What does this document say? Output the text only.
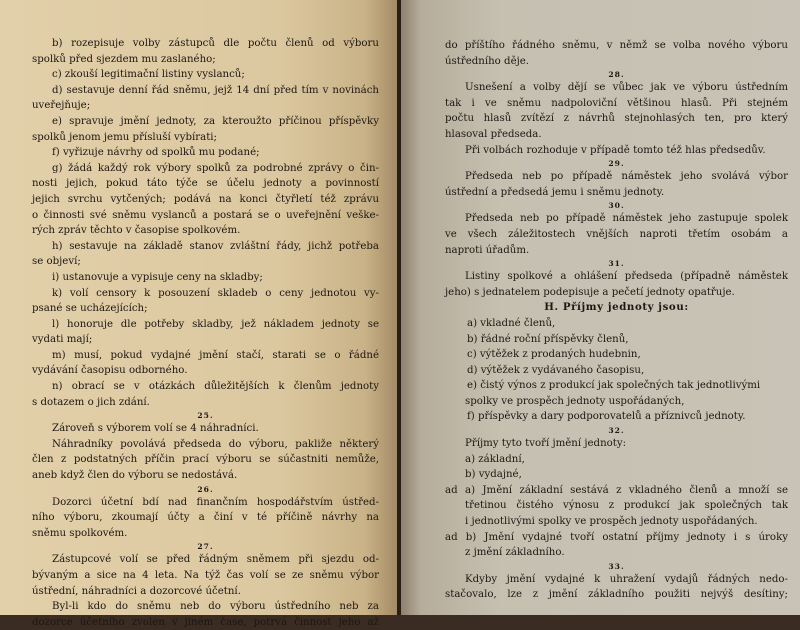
b) rozepisuje volby zástupců dle počtu členů od výboru
spolků před sjezdem mu zaslaného;
c) zkouší legitimační listiny vyslanců;
d) sestavuje denní řád sněmu, jejž 14 dní před tím v novinách
uveřejňuje;
e) spravuje jmění jednoty, za kteroužto příčinou příspěvky
spolků jenom jemu přísluší vybírati;
f) vyřizuje návrhy od spolků mu podané;
g) žádá každý rok výbory spolků za podrobné zprávy o čin-
nosti jejich, pokud táto týče se účelu jednoty a povinností
jejich svrchu vytčených; podává na konci čtyřletí též zprávu
o činnosti své sněmu vyslanců a postará se o uveřejnění veške-
rých zpráv těchto v časopise spolkovém.
h) sestavuje na základě stanov zvláštní řády, jichž potřeba
se objeví;
i) ustanovuje a vypisuje ceny na skladby;
k) volí censory k posouzení skladeb o ceny jednotou vy-
psané se ucházejících;
l) honoruje dle potřeby skladby, jež nákladem jednoty se
vydati mají;
m) musí, pokud vydajné jmění stačí, starati se o řádné
vydávání časopisu odborného.
n) obrací se v otázkách důležitějších k členům jednoty
s dotazem o jich zdání.
25.
Zároveň s výborem volí se 4 náhradníci.
Náhradníky povolává předseda do výboru, pakliže některý
člen z podstatných příčin prací výboru se súčastniti nemůže,
aneb když člen do výboru se nedostává.
26.
Dozorci účetní bdí nad finančním hospodářstvím ústřed-
ního výboru, zkoumají účty a činí v té příčině návrhy na
sněmu spolkovém.
27.
Zástupcové volí se před řádným sněmem při sjezdu od-
bývaným a sice na 4 leta. Na týž čas volí se ze sněmu výbor
ústřední, náhradníci a dozorcové účetní.
Byl-li kdo do sněmu neb do výboru ústředního neb za
dozorce účetního zvolen v jiném čase, potrvá činnost jeho až
do příštího řádného sněmu, v němž se volba nového výboru
ústředního děje.
28.
Usnešení a volby dějí se vůbec jak ve výboru ústředním
tak i ve sněmu nadpoloviční většinou hlasů. Při stejném
počtu hlasů zvítězí z návrhů stejnohlasých ten, pro který
hlasoval předseda.
Při volbách rozhoduje v případě tomto též hlas předsedův.
29.
Předseda neb po případě náměstek jeho svolává výbor
ústřední a předsedá jemu i sněmu jednoty.
30.
Předseda neb po případě náměstek jeho zastupuje spolek
ve všech záležitostech vnějších naproti třetím osobám a
naproti úřadům.
31.
Listiny spolkové a ohlášení předseda (případně náměstek
jeho) s jednatelem podepisuje a pečetí jednoty opatřuje.
H. Příjmy jednoty jsou:
a) vkladné členů,
b) řádné roční příspěvky členů,
c) výtěžek z prodaných hudebnin,
d) výtěžek z vydávaného časopisu,
e) čistý výnos z produkcí jak společných tak jednotlivými
spolky ve prospěch jednoty uspořádaných,
f) příspěvky a dary podporovatelů a příznivců jednoty.
32.
Příjmy tyto tvoří jmění jednoty:
a) základní,
b) vydajné,
ad a) Jmění základní sestává z vkladného členů a množí se
třetinou čistého výnosu z produkcí jak společných tak
i jednotlivými spolky ve prospěch jednoty uspořádaných.
ad b) Jmění vydajné tvoří ostatní příjmy jednoty i s úroky
z jmění základního.
33.
Kdyby jmění vydajné k uhražení vydajů řádných nedo-
stačovalo, lze z jmění základního použiti nejvýš desítiny;
